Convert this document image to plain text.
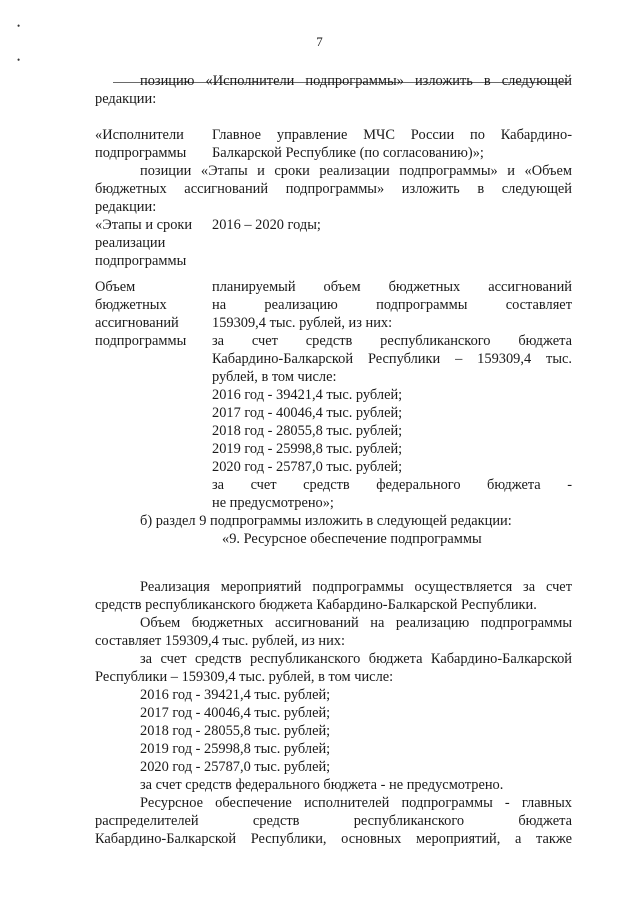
7
•
•
позицию «Исполнители подпрограммы» изложить в следующей
редакции:
«Исполнители
подпрограммы
Главное управление МЧС России по Кабардино-
Балкарской Республике (по согласованию)»;
позиции «Этапы и сроки реализации подпрограммы» и «Объем
бюджетных ассигнований подпрограммы» изложить в следующей
редакции:
«Этапы и сроки
реализации
подпрограммы
2016 – 2020 годы;
Объем
бюджетных
ассигнований
подпрограммы
планируемый объем бюджетных ассигнований
на реализацию подпрограммы составляет
159309,4 тыс. рублей, из них:
за счет средств республиканского бюджета
Кабардино-Балкарской Республики – 159309,4 тыс.
рублей, в том числе:
2016 год - 39421,4 тыс. рублей;
2017 год - 40046,4 тыс. рублей;
2018 год - 28055,8 тыс. рублей;
2019 год - 25998,8 тыс. рублей;
2020 год - 25787,0 тыс. рублей;
за счет средств федерального бюджета -
не предусмотрено»;
б) раздел 9 подпрограммы изложить в следующей редакции:
«9. Ресурсное обеспечение подпрограммы
Реализация мероприятий подпрограммы осуществляется за счет
средств республиканского бюджета Кабардино-Балкарской Республики.
Объем бюджетных ассигнований на реализацию подпрограммы
составляет 159309,4 тыс. рублей, из них:
за счет средств республиканского бюджета Кабардино-Балкарской
Республики – 159309,4 тыс. рублей, в том числе:
2016 год - 39421,4 тыс. рублей;
2017 год - 40046,4 тыс. рублей;
2018 год - 28055,8 тыс. рублей;
2019 год - 25998,8 тыс. рублей;
2020 год - 25787,0 тыс. рублей;
за счет средств федерального бюджета - не предусмотрено.
Ресурсное обеспечение исполнителей подпрограммы - главных
распределителей средств республиканского бюджета
Кабардино-Балкарской Республики, основных мероприятий, а также
